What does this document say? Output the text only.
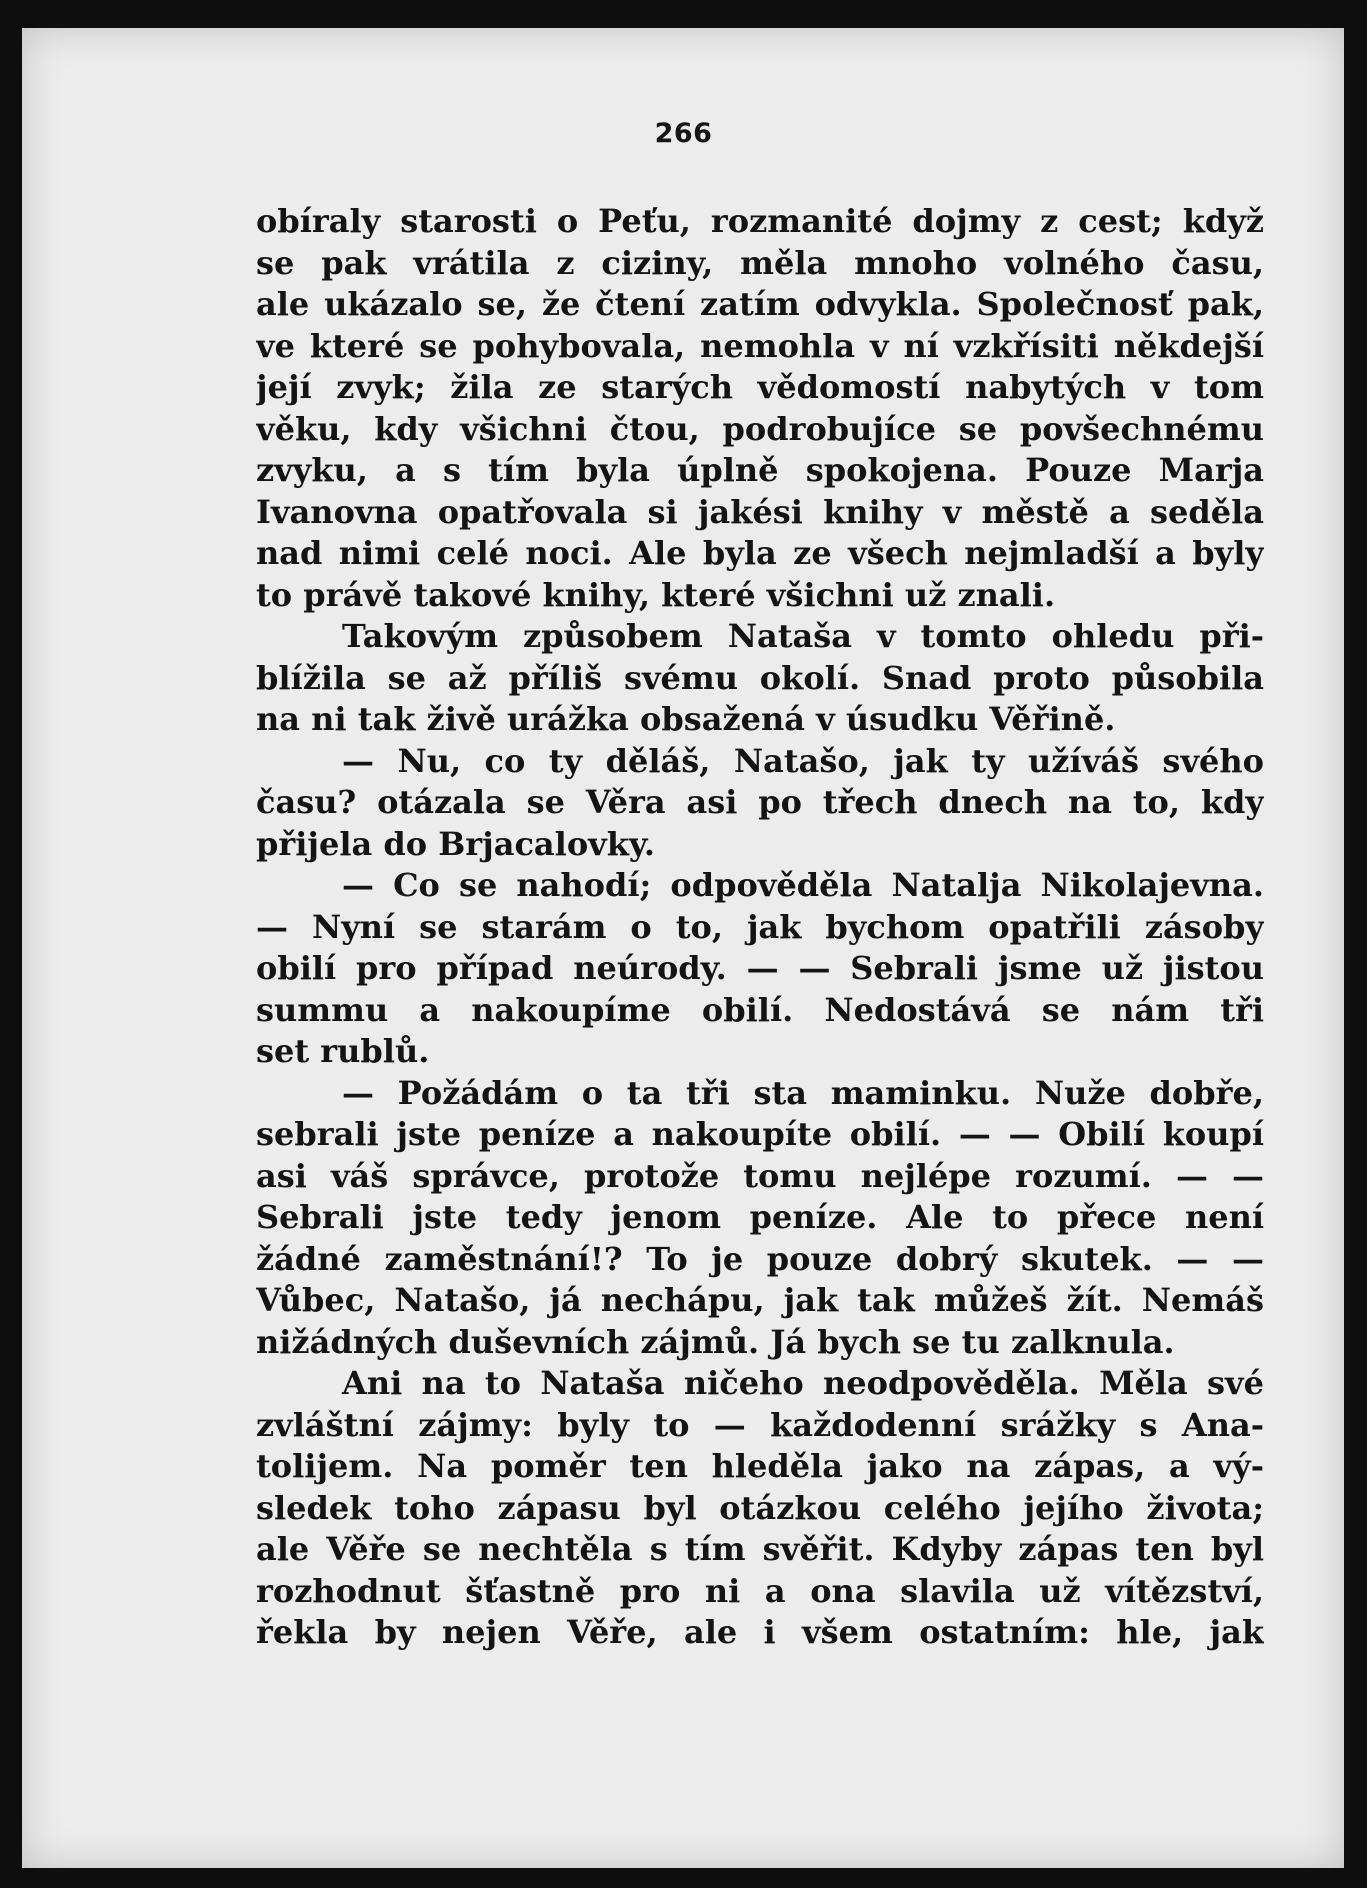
266
obíraly starosti o Peťu, rozmanité dojmy z cest; když
se pak vrátila z ciziny, měla mnoho volného času,
ale ukázalo se, že čtení zatím odvykla. Společnosť pak,
ve které se pohybovala, nemohla v ní vzkřísiti někdejší
její zvyk; žila ze starých vědomostí nabytých v tom
věku, kdy všichni čtou, podrobujíce se povšechnému
zvyku, a s tím byla úplně spokojena. Pouze Marja
Ivanovna opatřovala si jakési knihy v městě a seděla
nad nimi celé noci. Ale byla ze všech nejmladší a byly
to právě takové knihy, které všichni už znali.
Takovým způsobem Nataša v tomto ohledu při-
blížila se až příliš svému okolí. Snad proto působila
na ni tak živě urážka obsažená v úsudku Věřině.
— Nu, co ty děláš, Natašo, jak ty užíváš svého
času? otázala se Věra asi po třech dnech na to, kdy
přijela do Brjacalovky.
— Co se nahodí; odpověděla Natalja Nikolajevna.
— Nyní se starám o to, jak bychom opatřili zásoby
obilí pro případ neúrody. — — Sebrali jsme už jistou
summu a nakoupíme obilí. Nedostává se nám tři
set rublů.
— Požádám o ta tři sta maminku. Nuže dobře,
sebrali jste peníze a nakoupíte obilí. — — Obilí koupí
asi váš správce, protože tomu nejlépe rozumí. — —
Sebrali jste tedy jenom peníze. Ale to přece není
žádné zaměstnání!? To je pouze dobrý skutek. — —
Vůbec, Natašo, já nechápu, jak tak můžeš žít. Nemáš
nižádných duševních zájmů. Já bych se tu zalknula.
Ani na to Nataša ničeho neodpověděla. Měla své
zvláštní zájmy: byly to — každodenní srážky s Ana-
tolijem. Na poměr ten hleděla jako na zápas, a vý-
sledek toho zápasu byl otázkou celého jejího života;
ale Věře se nechtěla s tím svěřit. Kdyby zápas ten byl
rozhodnut šťastně pro ni a ona slavila už vítězství,
řekla by nejen Věře, ale i všem ostatním: hle, jak
